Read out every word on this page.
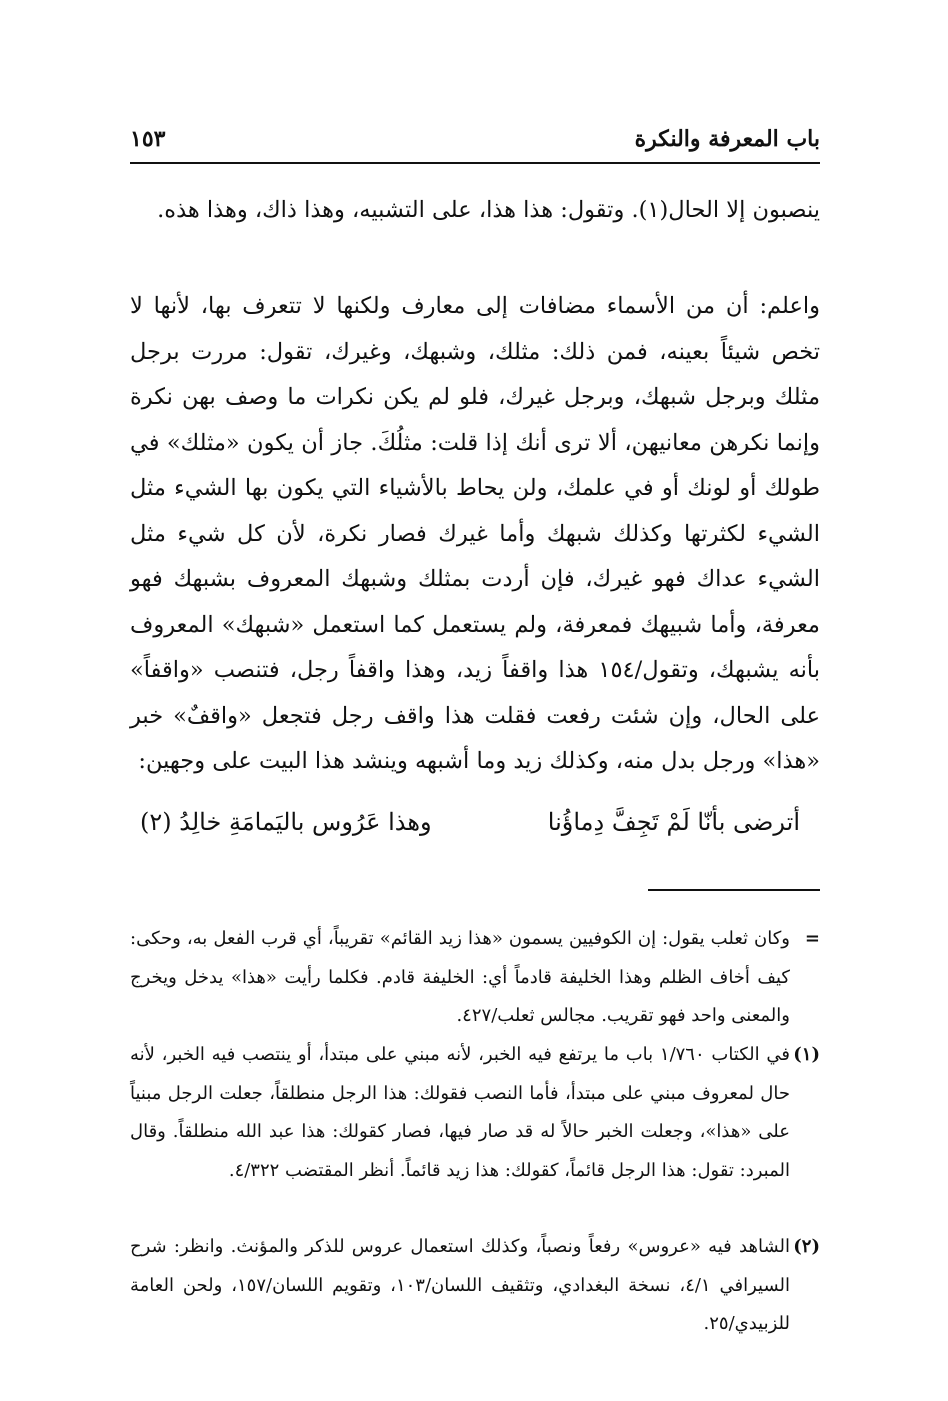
باب المعرفة والنكرة
١٥٣

ينصبون إلا الحال(١). وتقول: هذا هذا، على التشبيه، وهذا ذاك، وهذا هذه.

واعلم: أن من الأسماء مضافات إلى معارف ولكنها لا تتعرف بها، لأنها لا تخص شيئاً بعينه، فمن ذلك: مثلك، وشبهك، وغيرك، تقول: مررت برجل مثلك وبرجل شبهك، وبرجل غيرك، فلو لم يكن نكرات ما وصف بهن نكرة وإنما نكرهن معانيهن، ألا ترى أنك إذا قلت: مثلُكَ. جاز أن يكون «مثلك» في طولك أو لونك أو في علمك، ولن يحاط بالأشياء التي يكون بها الشيء مثل الشيء لكثرتها وكذلك شبهك وأما غيرك فصار نكرة، لأن كل شيء مثل الشيء عداك فهو غيرك، فإن أردت بمثلك وشبهك المعروف بشبهك فهو معرفة، وأما شبيهك فمعرفة، ولم يستعمل كما استعمل «شبهك» المعروف بأنه يشبهك، وتقول/١٥٤ هذا واقفاً زيد، وهذا واقفاً رجل، فتنصب «واقفاً» على الحال، وإن شئت رفعت فقلت هذا واقف رجل فتجعل «واقفٌ» خبر «هذا» ورجل بدل منه، وكذلك زيد وما أشبهه وينشد هذا البيت على وجهين:

أترضى بأنّا لَمْ تَجِفَّ دِماؤُنا
وهذا عَرُوس باليَمامَةِ خالِدُ (٢)
=
وكان ثعلب يقول: إن الكوفيين يسمون «هذا زيد القائم» تقريباً، أي قرب الفعل به، وحكى: كيف أخاف الظلم وهذا الخليفة قادماً أي: الخليفة قادم. فكلما رأيت «هذا» يدخل ويخرج والمعنى واحد فهو تقريب. مجالس ثعلب/٤٢٧.
(١)
في الكتاب ١/٧٦٠ باب ما يرتفع فيه الخبر، لأنه مبني على مبتدأ، أو ينتصب فيه الخبر، لأنه حال لمعروف مبني على مبتدأ، فأما النصب فقولك: هذا الرجل منطلقاً، جعلت الرجل مبنياً على «هذا»، وجعلت الخبر حالاً له قد صار فيها، فصار كقولك: هذا عبد الله منطلقاً. وقال المبرد: تقول: هذا الرجل قائماً، كقولك: هذا زيد قائماً. أنظر المقتضب ٤/٣٢٢.
(٢)
الشاهد فيه «عروس» رفعاً ونصباً، وكذلك استعمال عروس للذكر والمؤنث. وانظر: شرح السيرافي ٤/١، نسخة البغدادي، وتثقيف اللسان/١٠٣، وتقويم اللسان/١٥٧، ولحن العامة للزبيدي/٢٥.
